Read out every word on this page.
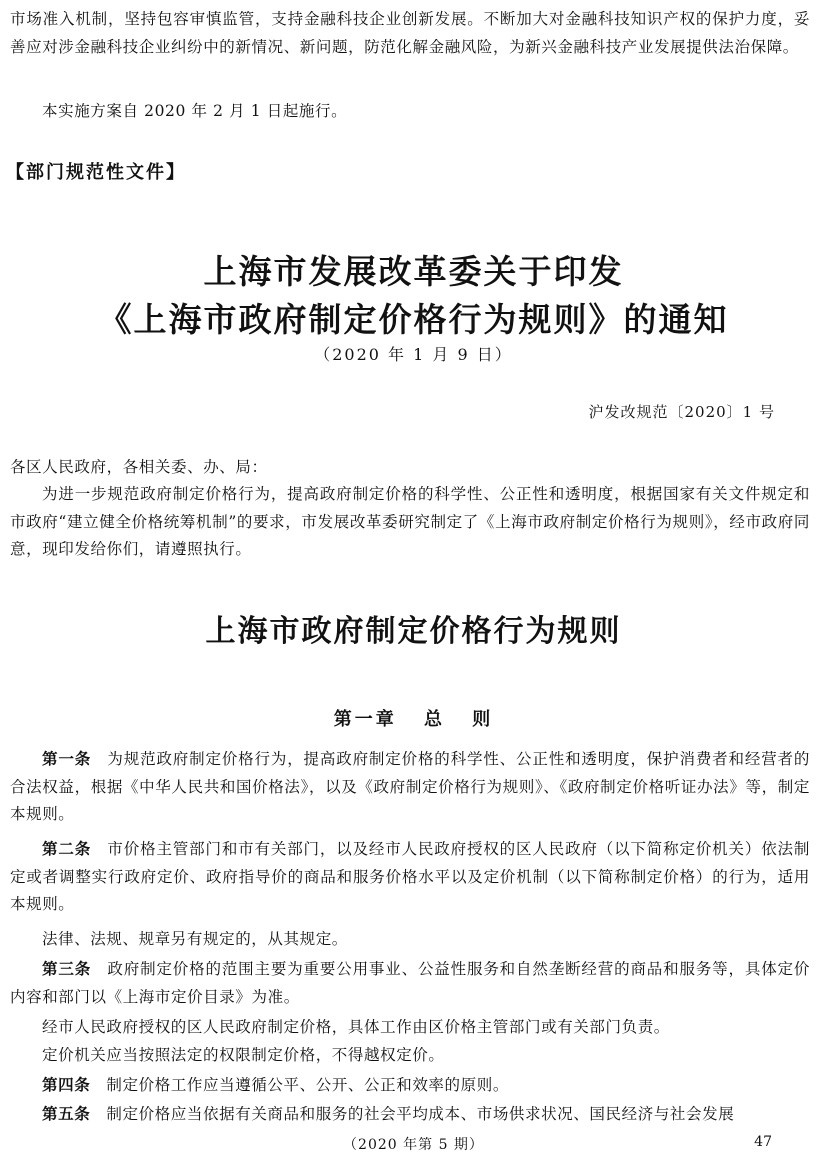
市场准入机制，坚持包容审慎监管，支持金融科技企业创新发展。不断加大对金融科技知识产权的保护力度，妥善应对涉金融科技企业纠纷中的新情况、新问题，防范化解金融风险，为新兴金融科技产业发展提供法治保障。

本实施方案自 2020 年 2 月 1 日起施行。

【部门规范性文件】
上海市发展改革委关于印发
《上海市政府制定价格行为规则》的通知
（2020 年 1 月 9 日）
沪发改规范〔2020〕1 号

各区人民政府，各相关委、办、局：

为进一步规范政府制定价格行为，提高政府制定价格的科学性、公正性和透明度，根据国家有关文件规定和市政府“建立健全价格统筹机制”的要求，市发展改革委研究制定了《上海市政府制定价格行为规则》，经市政府同意，现印发给你们，请遵照执行。

上海市政府制定价格行为规则
第一章 总 则

第一条　 为规范政府制定价格行为，提高政府制定价格的科学性、公正性和透明度，保护消费者和经营者的合法权益，根据《中华人民共和国价格法》，以及《政府制定价格行为规则》、《政府制定价格听证办法》等，制定本规则。

第二条　 市价格主管部门和市有关部门，以及经市人民政府授权的区人民政府（以下简称定价机关）依法制定或者调整实行政府定价、政府指导价的商品和服务价格水平以及定价机制（以下简称制定价格）的行为，适用本规则。

法律、法规、规章另有规定的，从其规定。

第三条　 政府制定价格的范围主要为重要公用事业、公益性服务和自然垄断经营的商品和服务等，具体定价内容和部门以《上海市定价目录》为准。

经市人民政府授权的区人民政府制定价格，具体工作由区价格主管部门或有关部门负责。

定价机关应当按照法定的权限制定价格，不得越权定价。

第四条　 制定价格工作应当遵循公平、公开、公正和效率的原则。

第五条　 制定价格应当依据有关商品和服务的社会平均成本、市场供求状况、国民经济与社会发展

（2020 年第 5 期）	47
